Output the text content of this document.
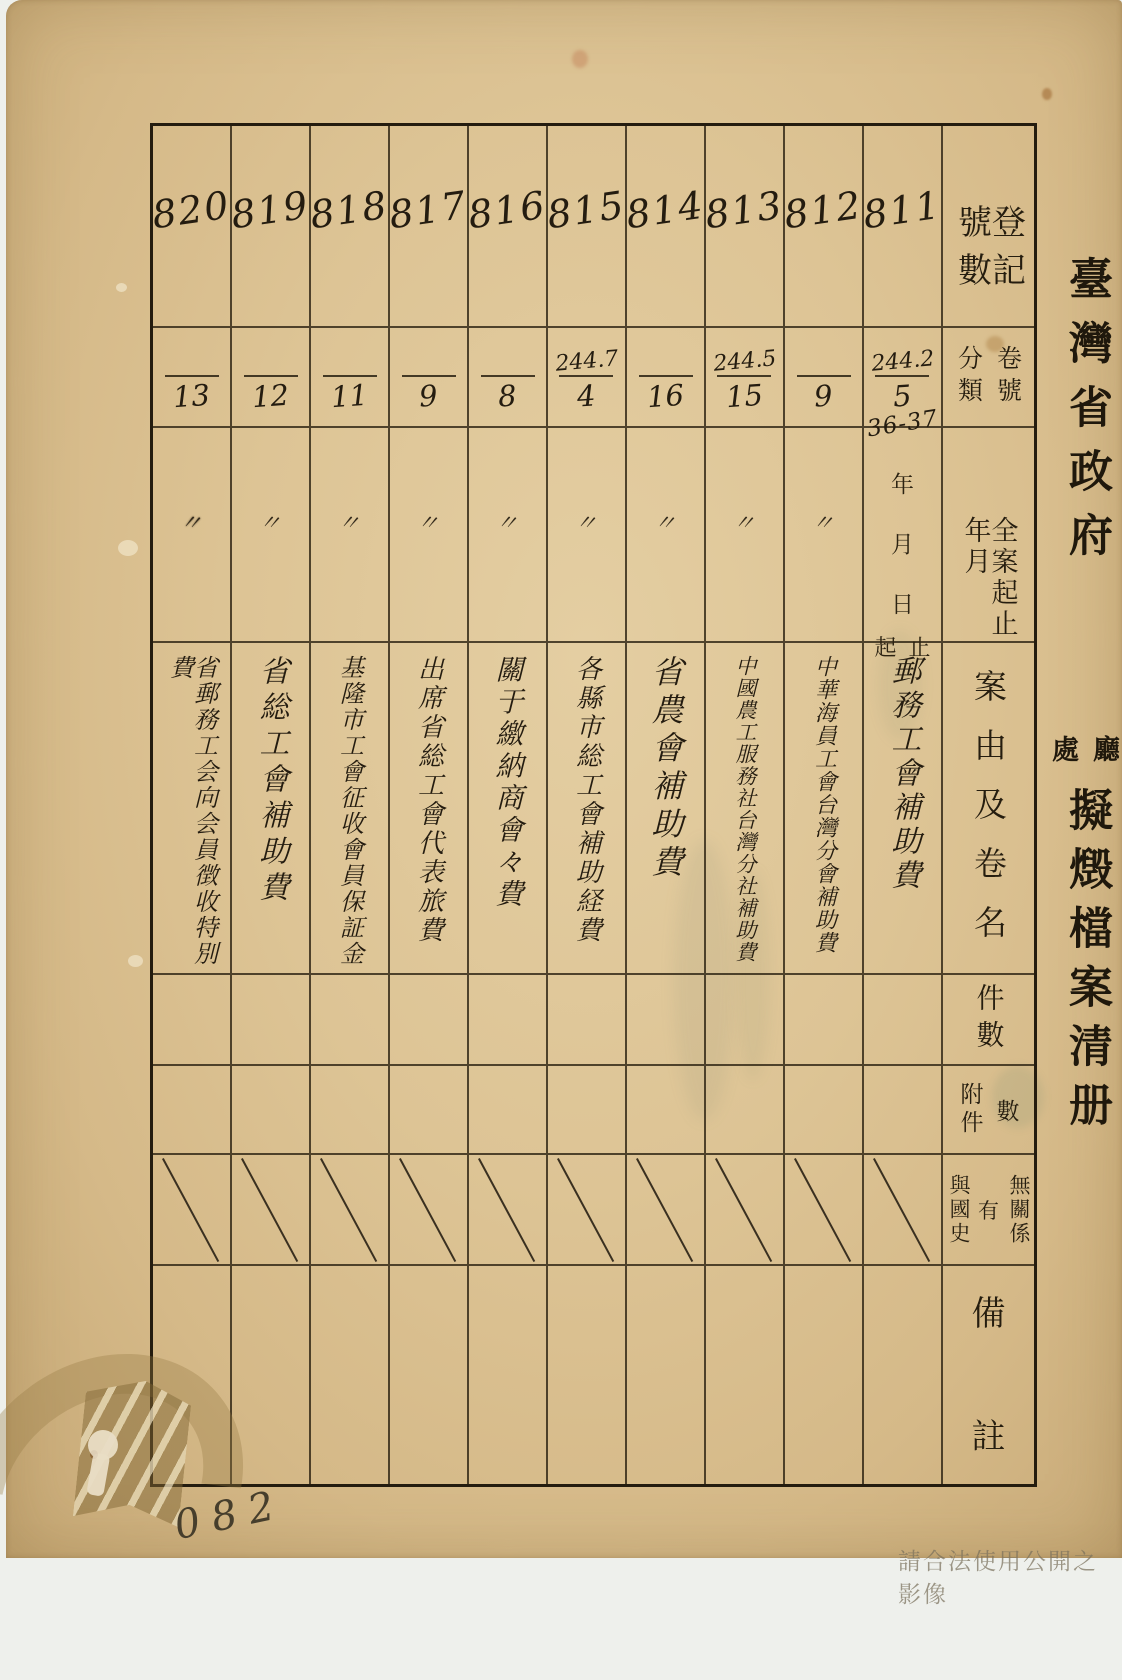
820
13
〃
省郵務工会向会員徴收特別費
819
12
〃
省総工會補助費
818
11
〃
基隆市工會征收會員保証金
817
9
〃
出席省総工會代表旅費
816
8
〃
關于繳納商會々費
815
$\frac{244.7}{4}$
〃
各縣市総工會補助経費
814
16
〃
省農會補助費
813
$\frac{244.5}{15}$
〃
中國農工服務社台灣分社補助費
812
9
〃
中華海員工會台灣分會補助費
811
$\frac{244.2}{5}$
36-37
年
月
日
起 止
郵務工會補助費
登記號數
分類 卷號
全案起止年月
案由及卷名
件數
附件 數
與國史 有 無關係
備
註
臺灣省政府
處 廳
擬燬檔案清册
082
請合法使用公開之影像
